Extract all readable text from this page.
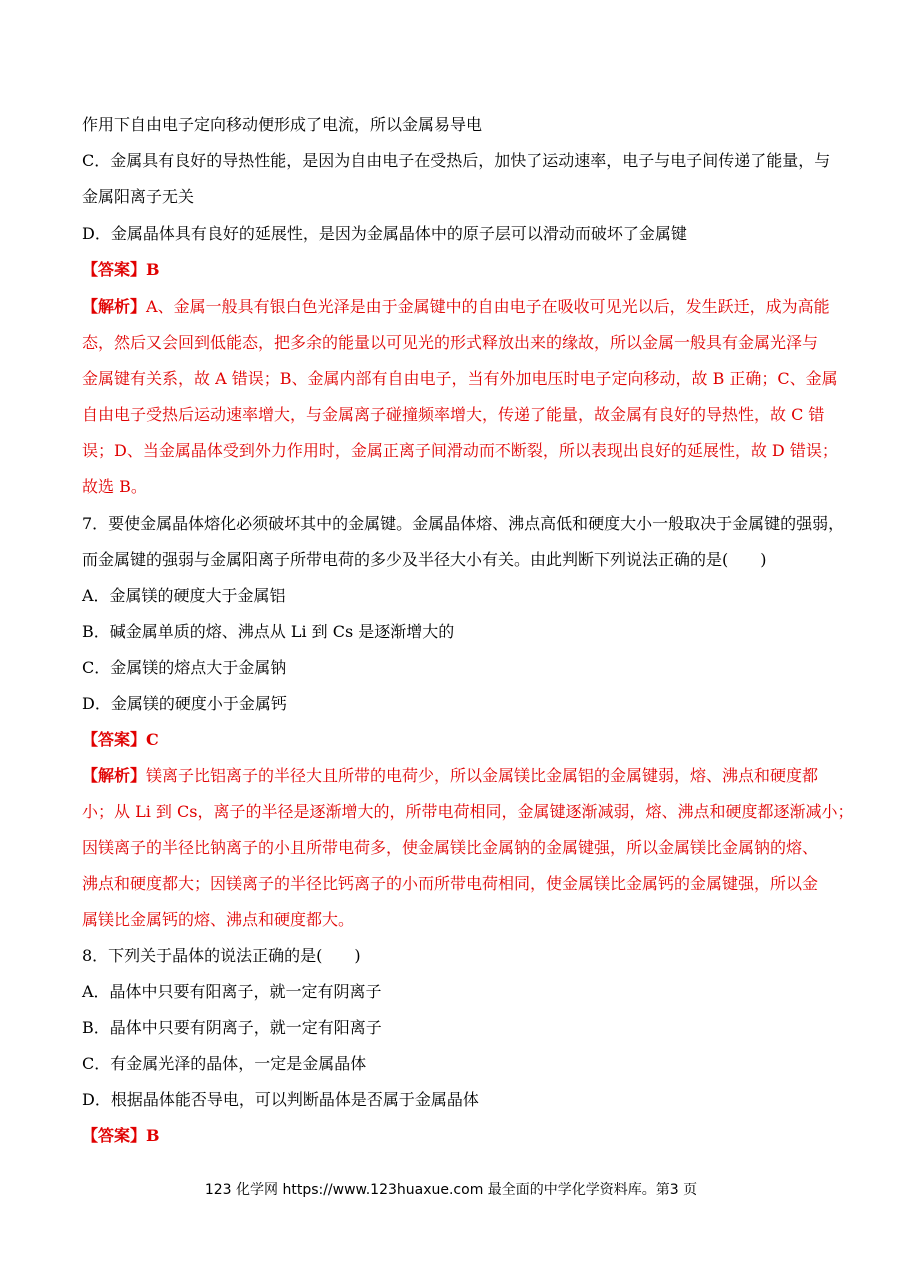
作用下自由电子定向移动便形成了电流，所以金属易导电
C．金属具有良好的导热性能，是因为自由电子在受热后，加快了运动速率，电子与电子间传递了能量，与
金属阳离子无关
D．金属晶体具有良好的延展性，是因为金属晶体中的原子层可以滑动而破坏了金属键
【答案】B
【解析】A、金属一般具有银白色光泽是由于金属键中的自由电子在吸收可见光以后，发生跃迁，成为高能
态，然后又会回到低能态，把多余的能量以可见光的形式释放出来的缘故，所以金属一般具有金属光泽与
金属键有关系，故 A 错误；B、金属内部有自由电子，当有外加电压时电子定向移动，故 B 正确；C、金属
自由电子受热后运动速率增大，与金属离子碰撞频率增大，传递了能量，故金属有良好的导热性，故 C 错
误；D、当金属晶体受到外力作用时，金属正离子间滑动而不断裂，所以表现出良好的延展性，故 D 错误；
故选 B。
7．要使金属晶体熔化必须破坏其中的金属键。金属晶体熔、沸点高低和硬度大小一般取决于金属键的强弱，
而金属键的强弱与金属阳离子所带电荷的多少及半径大小有关。由此判断下列说法正确的是(　　)
A．金属镁的硬度大于金属铝
B．碱金属单质的熔、沸点从 Li 到 Cs 是逐渐增大的
C．金属镁的熔点大于金属钠
D．金属镁的硬度小于金属钙
【答案】C
【解析】镁离子比铝离子的半径大且所带的电荷少，所以金属镁比金属铝的金属键弱，熔、沸点和硬度都
小；从 Li 到 Cs，离子的半径是逐渐增大的，所带电荷相同，金属键逐渐减弱，熔、沸点和硬度都逐渐减小；
因镁离子的半径比钠离子的小且所带电荷多，使金属镁比金属钠的金属键强，所以金属镁比金属钠的熔、
沸点和硬度都大；因镁离子的半径比钙离子的小而所带电荷相同，使金属镁比金属钙的金属键强，所以金
属镁比金属钙的熔、沸点和硬度都大。
8．下列关于晶体的说法正确的是(　　)
A．晶体中只要有阳离子，就一定有阴离子
B．晶体中只要有阴离子，就一定有阳离子
C．有金属光泽的晶体，一定是金属晶体
D．根据晶体能否导电，可以判断晶体是否属于金属晶体
【答案】B
123 化学网 https://www.123huaxue.com 最全面的中学化学资料库。第3 页
